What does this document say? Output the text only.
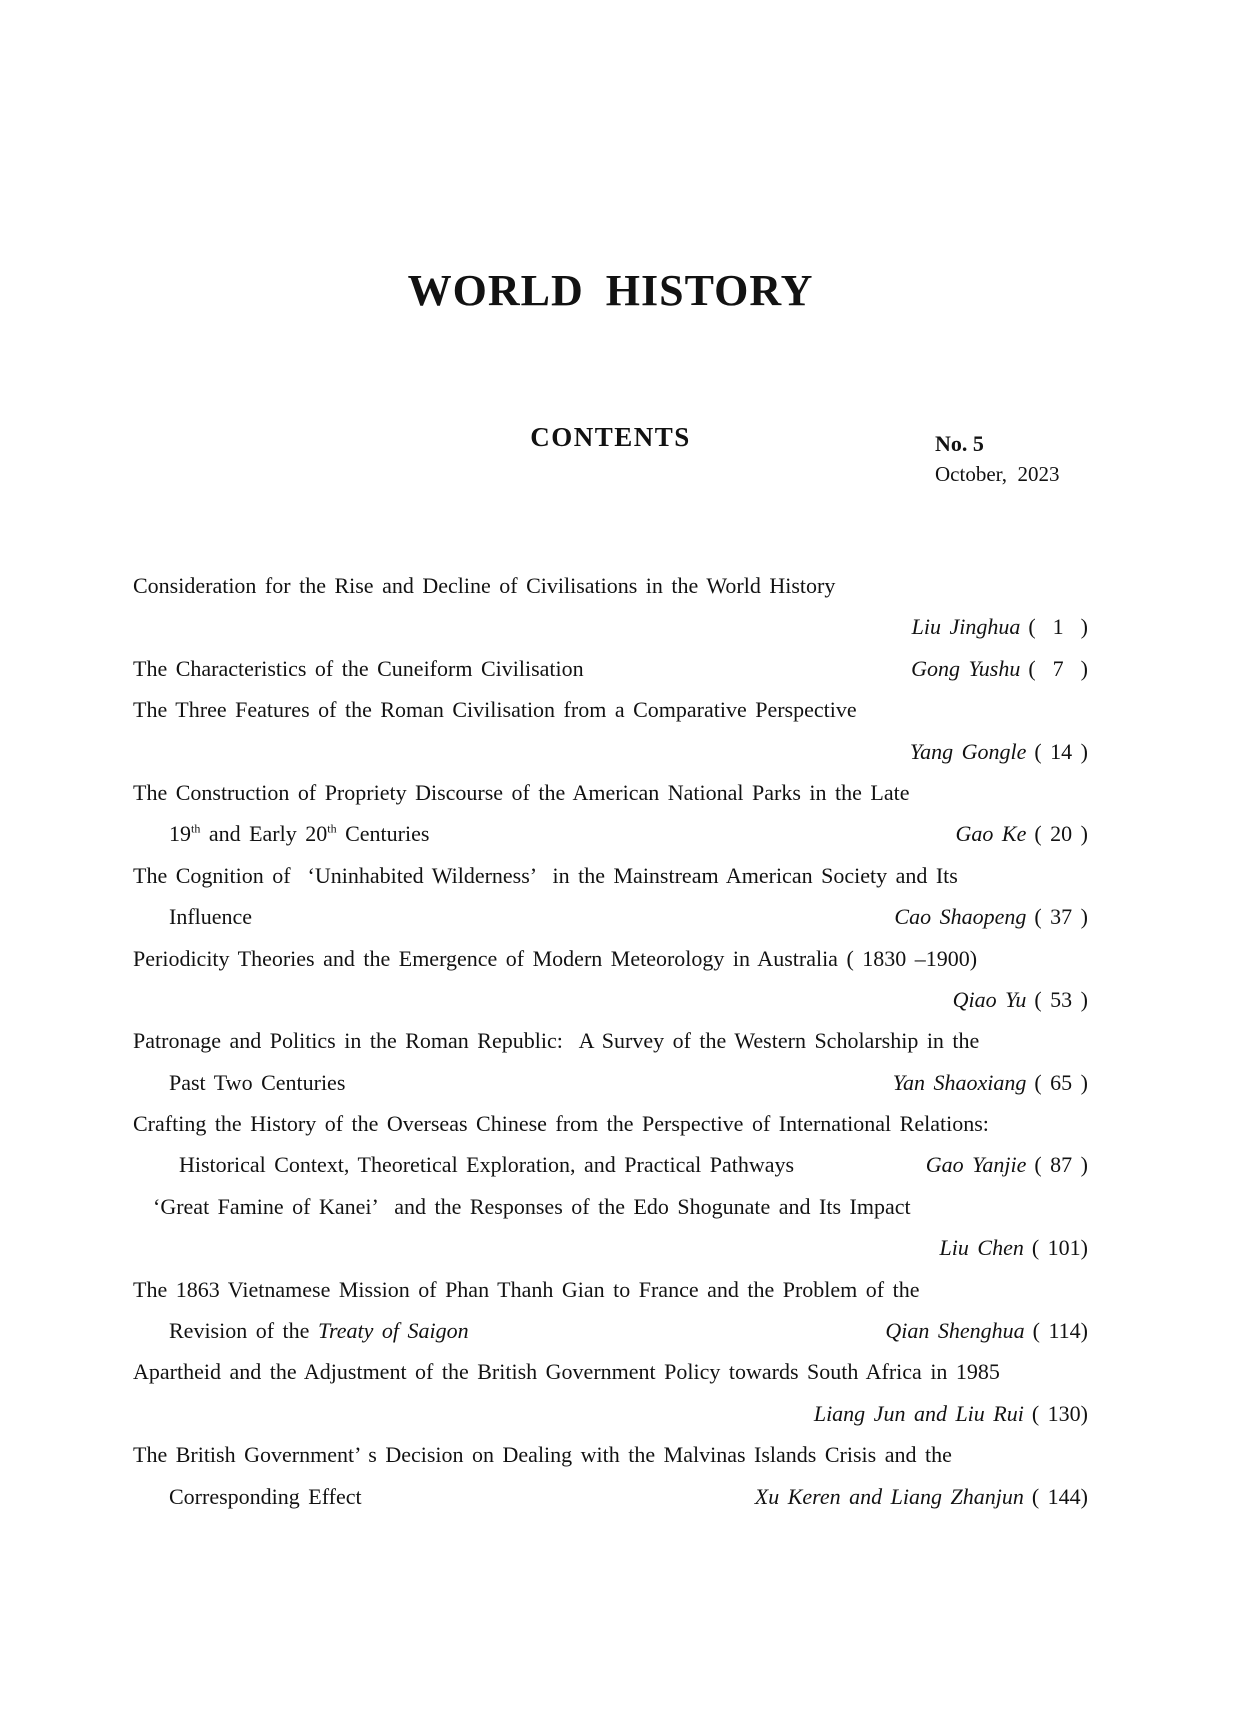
WORLD HISTORY
CONTENTS	No. 5
October,  2023
Consideration for the Rise and Decline of Civilisations in the World History
Liu Jinghua (  1  )
The Characteristics of the Cuneiform Civilisation	Gong Yushu (  7  )
The Three Features of the Roman Civilisation from a Comparative Perspective
Yang Gongle ( 14 )
The Construction of Propriety Discourse of the American National Parks in the Late
19th and Early 20th Centuries	Gao Ke ( 20 )
The Cognition of  ‘Uninhabited Wilderness’  in the Mainstream American Society and Its
Influence	Cao Shaopeng ( 37 )
Periodicity Theories and the Emergence of Modern Meteorology in Australia ( 1830 –1900)
Qiao Yu ( 53 )
Patronage and Politics in the Roman Republic:  A Survey of the Western Scholarship in the
Past Two Centuries	Yan Shaoxiang ( 65 )
Crafting the History of the Overseas Chinese from the Perspective of International Relations:
Historical Context, Theoretical Exploration, and Practical Pathways	Gao Yanjie ( 87 )
‘Great Famine of Kanei’  and the Responses of the Edo Shogunate and Its Impact
Liu Chen ( 101)
The 1863 Vietnamese Mission of Phan Thanh Gian to France and the Problem of the
Revision of the Treaty of Saigon	Qian Shenghua ( 114)
Apartheid and the Adjustment of the British Government Policy towards South Africa in 1985
Liang Jun and Liu Rui ( 130)
The British Government’ s Decision on Dealing with the Malvinas Islands Crisis and the
Corresponding Effect	Xu Keren and Liang Zhanjun ( 144)
